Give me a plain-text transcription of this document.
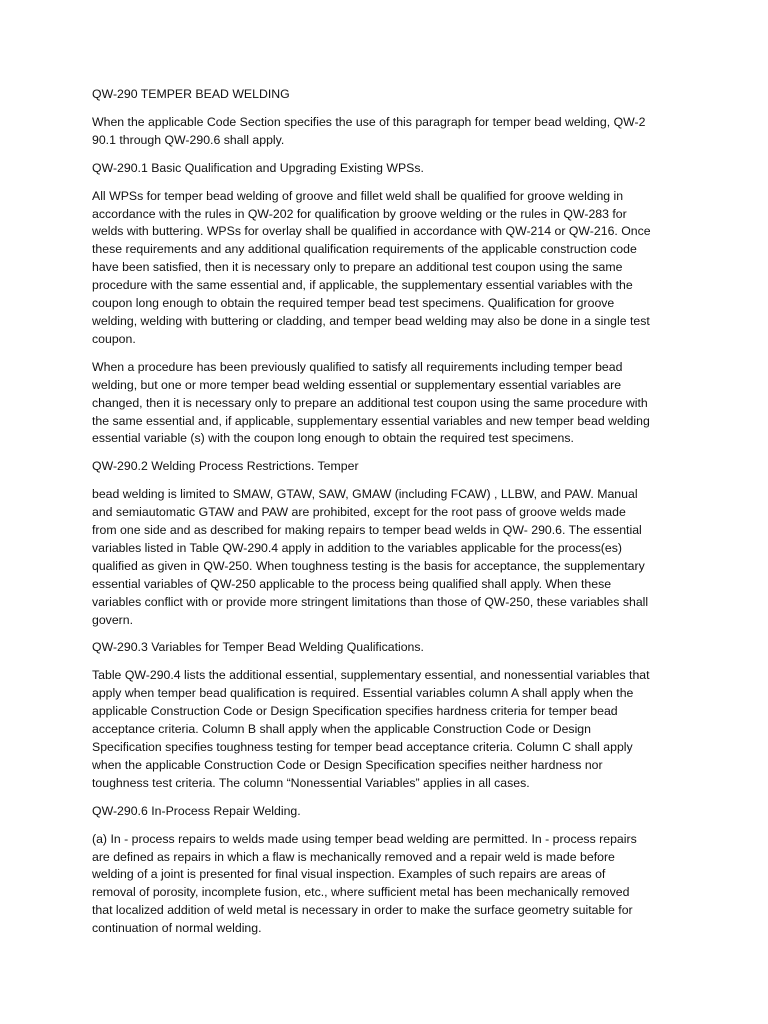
QW-290 TEMPER BEAD WELDING

When the applicable Code Section specifies the use of this paragraph for temper bead welding, QW-2 90.1 through QW-290.6 shall apply.

QW-290.1 Basic Qualification and Upgrading Existing WPSs.

All WPSs for temper bead welding of groove and fillet weld shall be qualified for groove welding in accordance with the rules in QW-202 for qualification by groove welding or the rules in QW-283 for welds with buttering. WPSs for overlay shall be qualified in accordance with QW-214 or QW-216. Once these requirements and any additional qualification requirements of the applicable construction code have been satisfied, then it is necessary only to prepare an additional test coupon using the same procedure with the same essential and, if applicable, the supplementary essential variables with the coupon long enough to obtain the required temper bead test specimens. Qualification for groove welding, welding with buttering or cladding, and temper bead welding may also be done in a single test coupon.

When a procedure has been previously qualified to satisfy all requirements including temper bead welding, but one or more temper bead welding essential or supplementary essential variables are changed, then it is necessary only to prepare an additional test coupon using the same procedure with the same essential and, if applicable, supplementary essential variables and new temper bead welding essential variable (s) with the coupon long enough to obtain the required test specimens.

QW-290.2 Welding Process Restrictions. Temper

bead welding is limited to SMAW, GTAW, SAW, GMAW (including FCAW) , LLBW, and PAW. Manual and semiautomatic GTAW and PAW are prohibited, except for the root pass of groove welds made from one side and as described for making repairs to temper bead welds in QW- 290.6. The essential variables listed in Table QW-290.4 apply in addition to the variables applicable for the process(es) qualified as given in QW-250. When toughness testing is the basis for acceptance, the supplementary essential variables of QW-250 applicable to the process being qualified shall apply. When these variables conflict with or provide more stringent limitations than those of QW-250, these variables shall govern.

QW-290.3 Variables for Temper Bead Welding Qualifications.

Table QW-290.4 lists the additional essential, supplementary essential, and nonessential variables that apply when temper bead qualification is required. Essential variables column A shall apply when the applicable Construction Code or Design Specification specifies hardness criteria for temper bead acceptance criteria. Column B shall apply when the applicable Construction Code or Design Specification specifies toughness testing for temper bead acceptance criteria. Column C shall apply when the applicable Construction Code or Design Specification specifies neither hardness nor toughness test criteria. The column “Nonessential Variables” applies in all cases.

QW-290.6 In-Process Repair Welding.

(a) In ‐ process repairs to welds made using temper bead welding are permitted. In ‐ process repairs are defined as repairs in which a flaw is mechanically removed and a repair weld is made before welding of a joint is presented for final visual inspection. Examples of such repairs are areas of removal of porosity, incomplete fusion, etc., where sufficient metal has been mechanically removed that localized addition of weld metal is necessary in order to make the surface geometry suitable for continuation of normal welding.
